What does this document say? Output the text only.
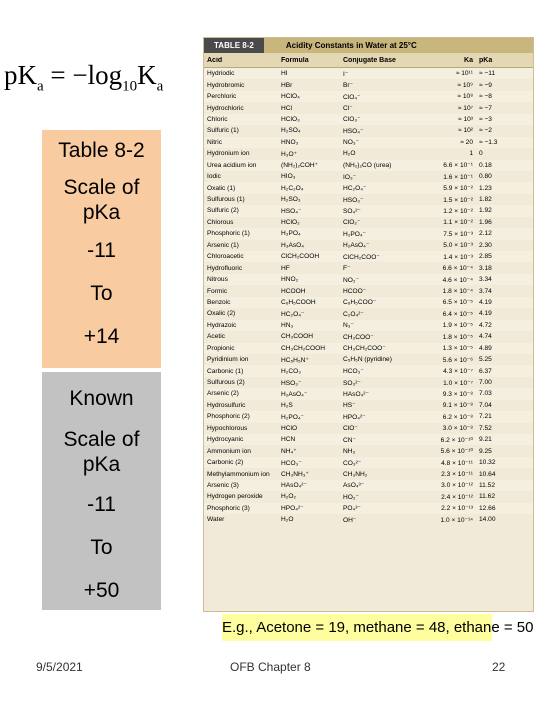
$pK_a = -\log_{10}K_a$

Table 8-2

Scale of

pKa

-11

To

+14

Known

Scale of

pKa

-11

To

+50

TABLE 8-2	Acidity Constants in Water at 25°C
Acid	Formula	Conjugate Base	Ka pKa
Hydriodic	HI	I⁻	≈ 10¹¹ ≈ −11
Hydrobromic	HBr	Br⁻	≈ 10⁹ ≈ −9
Perchloric	HClO₄	ClO₄⁻	≈ 10⁸ ≈ −8
Hydrochloric	HCl	Cl⁻	≈ 10⁷ ≈ −7
Chloric	HClO₃	ClO₃⁻	≈ 10³ ≈ −3
Sulfuric (1)	H₂SO₄	HSO₄⁻	≈ 10² ≈ −2
Nitric	HNO₃	NO₃⁻	≈ 20 ≈ −1.3
Hydronium ion	H₃O⁺	H₂O	1 0
Urea acidium ion	(NH₂)₂COH⁺	(NH₂)₂CO (urea)	6.6 × 10⁻¹ 0.18
Iodic	HIO₃	IO₃⁻	1.6 × 10⁻¹ 0.80
Oxalic (1)	H₂C₂O₄	HC₂O₄⁻	5.9 × 10⁻² 1.23
Sulfurous (1)	H₂SO₃	HSO₃⁻	1.5 × 10⁻² 1.82
Sulfuric (2)	HSO₄⁻	SO₄²⁻	1.2 × 10⁻² 1.92
Chlorous	HClO₂	ClO₂⁻	1.1 × 10⁻² 1.96
Phosphoric (1)	H₃PO₄	H₂PO₄⁻	7.5 × 10⁻³ 2.12
Arsenic (1)	H₃AsO₄	H₂AsO₄⁻	5.0 × 10⁻³ 2.30
Chloroacetic	ClCH₂COOH	ClCH₂COO⁻	1.4 × 10⁻³ 2.85
Hydrofluoric	HF	F⁻	6.6 × 10⁻⁴ 3.18
Nitrous	HNO₂	NO₂⁻	4.6 × 10⁻⁴ 3.34
Formic	HCOOH	HCOO⁻	1.8 × 10⁻⁴ 3.74
Benzoic	C₆H₅COOH	C₆H₅COO⁻	6.5 × 10⁻⁵ 4.19
Oxalic (2)	HC₂O₄⁻	C₂O₄²⁻	6.4 × 10⁻⁵ 4.19
Hydrazoic	HN₃	N₃⁻	1.9 × 10⁻⁵ 4.72
Acetic	CH₃COOH	CH₃COO⁻	1.8 × 10⁻⁵ 4.74
Propionic	CH₃CH₂COOH	CH₃CH₂COO⁻	1.3 × 10⁻⁵ 4.89
Pyridinium ion	HC₅H₅N⁺	C₅H₅N (pyridine)	5.6 × 10⁻⁶ 5.25
Carbonic (1)	H₂CO₃	HCO₃⁻	4.3 × 10⁻⁷ 6.37
Sulfurous (2)	HSO₃⁻	SO₃²⁻	1.0 × 10⁻⁷ 7.00
Arsenic (2)	H₂AsO₄⁻	HAsO₄²⁻	9.3 × 10⁻⁸ 7.03
Hydrosulfuric	H₂S	HS⁻	9.1 × 10⁻⁸ 7.04
Phosphoric (2)	H₂PO₄⁻	HPO₄²⁻	6.2 × 10⁻⁸ 7.21
Hypochlorous	HClO	ClO⁻	3.0 × 10⁻⁸ 7.52
Hydrocyanic	HCN	CN⁻	6.2 × 10⁻¹⁰ 9.21
Ammonium ion	NH₄⁺	NH₃	5.6 × 10⁻¹⁰ 9.25
Carbonic (2)	HCO₃⁻	CO₃²⁻	4.8 × 10⁻¹¹ 10.32
Methylammonium ion	CH₃NH₃⁺	CH₃NH₂	2.3 × 10⁻¹¹ 10.64
Arsenic (3)	HAsO₄²⁻	AsO₄³⁻	3.0 × 10⁻¹² 11.52
Hydrogen peroxide	H₂O₂	HO₂⁻	2.4 × 10⁻¹² 11.62
Phosphoric (3)	HPO₄²⁻	PO₄³⁻	2.2 × 10⁻¹³ 12.66
Water	H₂O	OH⁻	1.0 × 10⁻¹⁴ 14.00
E.g., Acetone = 19, methane = 48, ethane = 50
9/5/2021	OFB Chapter 8	22
